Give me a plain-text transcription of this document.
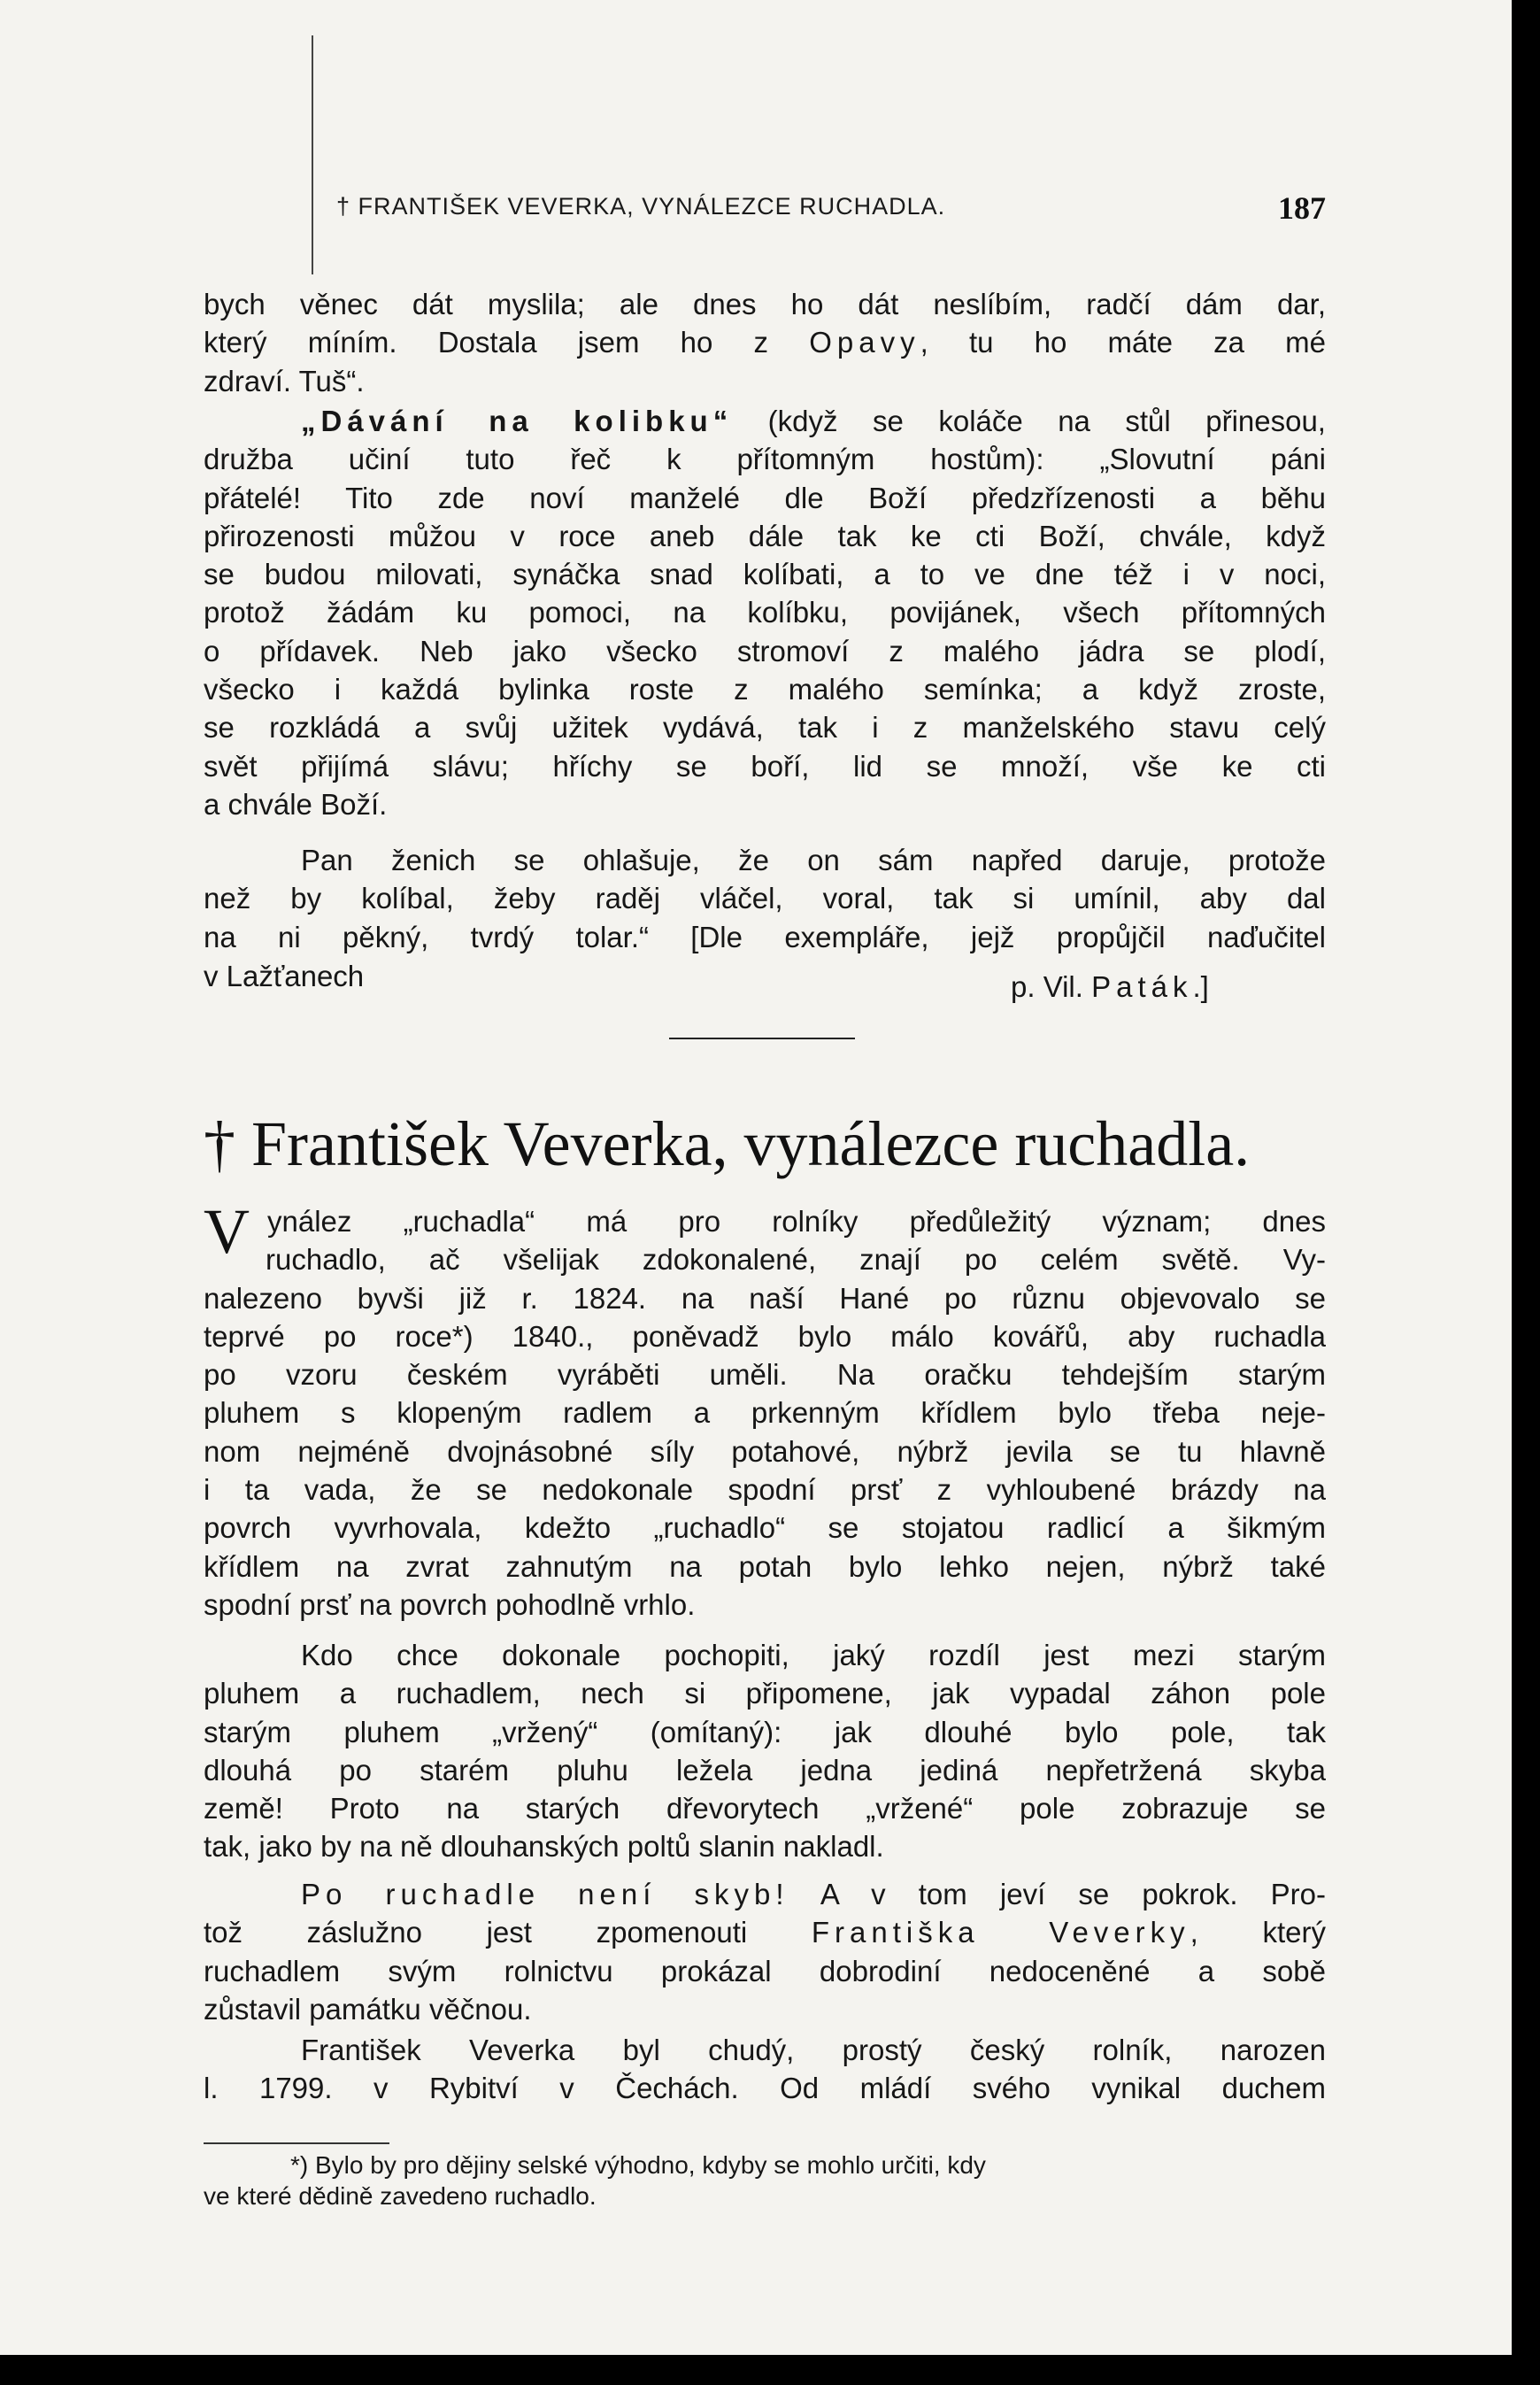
† FRANTIŠEK VEVERKA, VYNÁLEZCE RUCHADLA.	187

bych věnec dát myslila; ale dnes ho dát neslíbím, radčí dám dar,
který míním. Dostala jsem ho z Opavy, tu ho máte za mé
zdraví. Tuš“.

„Dávání na kolibku“ (když se koláče na stůl přinesou,
družba učiní tuto řeč k přítomným hostům): „Slovutní páni
přátelé! Tito zde noví manželé dle Boží předzřízenosti a běhu
přirozenosti můžou v roce aneb dále tak ke cti Boží, chvále, když
se budou milovati, synáčka snad kolíbati, a to ve dne též i v noci,
protož žádám ku pomoci, na kolíbku, povijánek, všech přítomných
o přídavek. Neb jako všecko stromoví z malého jádra se plodí,
všecko i každá bylinka roste z malého semínka; a když zroste,
se rozkládá a svůj užitek vydává, tak i z manželského stavu celý
svět přijímá slávu; hříchy se boří, lid se množí, vše ke cti
a chvále Boží.

Pan ženich se ohlašuje, že on sám napřed daruje, protože
než by kolíbal, žeby raděj vláčel, voral, tak si umínil, aby dal
na ni pěkný, tvrdý tolar.“ [Dle exempláře, jejž propůjčil naďučitel

v Lažťanech	p. Vil. Paták.]
† František Veverka, vynálezce ruchadla.
V ynález „ruchadla“ má pro rolníky předůležitý význam; dnes
ruchadlo, ač všelijak zdokonalené, znají po celém světě. Vy-
nalezeno byvši již r. 1824. na naší Hané po různu objevovalo se
teprvé po roce*) 1840., poněvadž bylo málo kovářů, aby ruchadla
po vzoru českém vyráběti uměli. Na oračku tehdejším starým
pluhem s klopeným radlem a prkenným křídlem bylo třeba neje-
nom nejméně dvojnásobné síly potahové, nýbrž jevila se tu hlavně
i ta vada, že se nedokonale spodní prsť z vyhloubené brázdy na
povrch vyvrhovala, kdežto „ruchadlo“ se stojatou radlicí a šikmým
křídlem na zvrat zahnutým na potah bylo lehko nejen, nýbrž také
spodní prsť na povrch pohodlně vrhlo.

Kdo chce dokonale pochopiti, jaký rozdíl jest mezi starým
pluhem a ruchadlem, nech si připomene, jak vypadal záhon pole
starým pluhem „vržený“ (omítaný): jak dlouhé bylo pole, tak
dlouhá po starém pluhu ležela jedna jediná nepřetržená skyba
země! Proto na starých dřevorytech „vržené“ pole zobrazuje se
tak, jako by na ně dlouhanských poltů slanin nakladl.

Po ruchadle není skyb! A v tom jeví se pokrok. Pro-
tož záslužno jest zpomenouti Františka Veverky, který
ruchadlem svým rolnictvu prokázal dobrodiní nedoceněné a sobě
zůstavil památku věčnou.

František Veverka byl chudý, prostý český rolník, narozen
l. 1799. v Rybitví v Čechách. Od mládí svého vynikal duchem

*) Bylo by pro dějiny selské výhodno, kdyby se mohlo určiti, kdy
ve které dědině zavedeno ruchadlo.
